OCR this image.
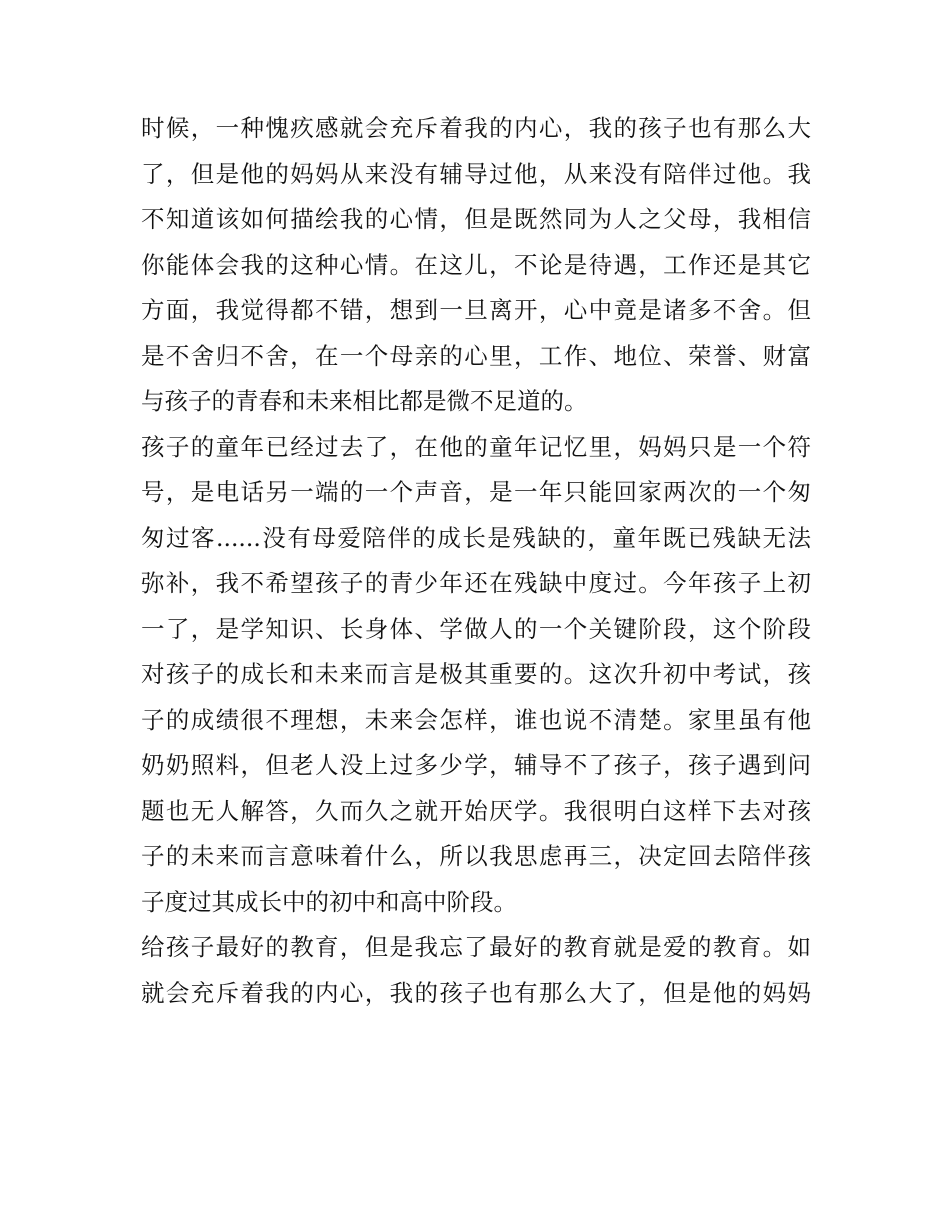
时候，一种愧疚感就会充斥着我的内心，我的孩子也有那么大
了，但是他的妈妈从来没有辅导过他，从来没有陪伴过他。我
不知道该如何描绘我的心情，但是既然同为人之父母，我相信
你能体会我的这种心情。在这儿，不论是待遇，工作还是其它
方面，我觉得都不错，想到一旦离开，心中竟是诸多不舍。但
是不舍归不舍，在一个母亲的心里，工作、地位、荣誉、财富
与孩子的青春和未来相比都是微不足道的。
孩子的童年已经过去了，在他的童年记忆里，妈妈只是一个符
号，是电话另一端的一个声音，是一年只能回家两次的一个匆
匆过客......没有母爱陪伴的成长是残缺的，童年既已残缺无法
弥补，我不希望孩子的青少年还在残缺中度过。今年孩子上初
一了，是学知识、长身体、学做人的一个关键阶段，这个阶段
对孩子的成长和未来而言是极其重要的。这次升初中考试，孩
子的成绩很不理想，未来会怎样，谁也说不清楚。家里虽有他
奶奶照料，但老人没上过多少学，辅导不了孩子，孩子遇到问
题也无人解答，久而久之就开始厌学。我很明白这样下去对孩
子的未来而言意味着什么，所以我思虑再三，决定回去陪伴孩
子度过其成长中的初中和高中阶段。
给孩子最好的教育，但是我忘了最好的教育就是爱的教育。如
就会充斥着我的内心，我的孩子也有那么大了，但是他的妈妈
